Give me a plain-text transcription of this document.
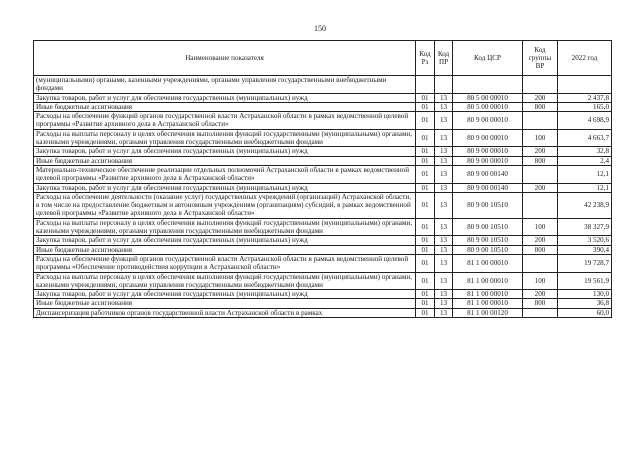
150
Наименование показателя	Код Рз	Код ПР	Код ЦСР	Код группы ВР	2022 год
(муниципальными) органами, казенными учреждениями, органами управления государственными внебюджетными фондами					
Закупка товаров, работ и услуг для обеспечения государственных (муниципальных) нужд	01	13	80 5 00 00010	200	2 437,8
Иные бюджетные ассигнования	01	13	80 5 00 00010	800	165,0
Расходы на обеспечение функций органов государственной власти Астраханской области в рамках ведомственной целевой программы «Развитие архивного дела в Астраханской области»	01	13	80 9 00 00010		4 698,9
Расходы на выплаты персоналу в целях обеспечения выполнения функций государственными (муниципальными) органами, казенными учреждениями, органами управления государственными внебюджетными фондами	01	13	80 9 00 00010	100	4 663,7
Закупка товаров, работ и услуг для обеспечения государственных (муниципальных) нужд	01	13	80 9 00 00010	200	32,8
Иные бюджетные ассигнования	01	13	80 9 00 00010	800	2,4
Материально-техническое обеспечение реализации отдельных полномочий Астраханской области в рамках ведомственной целевой программы «Развитие архивного дела в Астраханской области»	01	13	80 9 00 00140		12,1
Закупка товаров, работ и услуг для обеспечения государственных (муниципальных) нужд	01	13	80 9 00 00140	200	12,1
Расходы на обеспечение деятельности (оказание услуг) государственных учреждений (организаций) Астраханской области, в том числе на предоставление бюджетным и автономным учреждениям (организациям) субсидий, в рамках ведомственной целевой программы «Развитие архивного дела в Астраханской области»	01	13	80 9 00 10510		42 238,9
Расходы на выплаты персоналу в целях обеспечения выполнения функций государственными (муниципальными) органами, казенными учреждениями, органами управления государственными внебюджетными фондами	01	13	80 9 00 10510	100	38 327,9
Закупка товаров, работ и услуг для обеспечения государственных (муниципальных) нужд	01	13	80 9 00 10510	200	3 520,6
Иные бюджетные ассигнования	01	13	80 9 00 10510	800	390,4
Расходы на обеспечение функций органов государственной власти Астраханской области в рамках ведомственной целевой программы «Обеспечение противодействия коррупции в Астраханской области»	01	13	81 1 00 00010		19 728,7
Расходы на выплаты персоналу в целях обеспечения выполнения функций государственными (муниципальными) органами, казенными учреждениями, органами управления государственными внебюджетными фондами	01	13	81 1 00 00010	100	19 561,9
Закупка товаров, работ и услуг для обеспечения государственных (муниципальных) нужд	01	13	81 1 00 00010	200	130,0
Иные бюджетные ассигнования	01	13	81 1 00 00010	800	36,8
Диспансеризация работников органов государственной власти Астраханской области в рамках	01	13	81 1 00 00120		60,0
